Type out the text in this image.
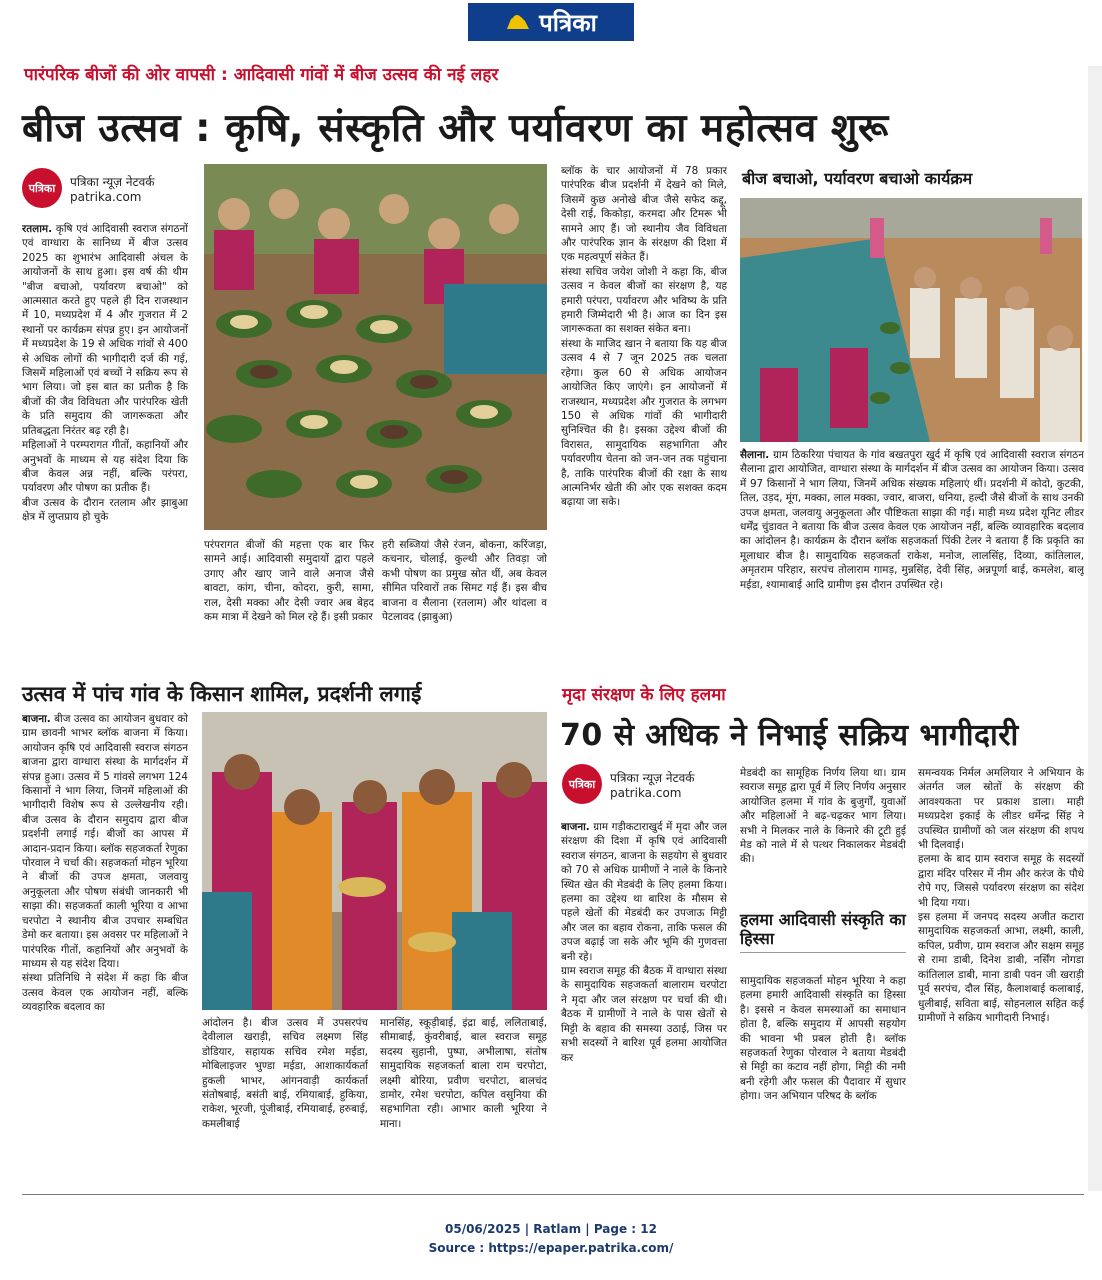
पत्रिका
पारंपरिक बीजों की ओर वापसी : आदिवासी गांवों में बीज उत्सव की नई लहर
बीज उत्सव : कृषि, संस्कृति और पर्यावरण का महोत्सव शुरू
पत्रिका	पत्रिका न्यूज़ नेटवर्क
patrika.com
रतलाम. कृषि एवं आदिवासी स्वराज संगठनों एवं वाग्धारा के सानिध्य में बीज उत्सव 2025 का शुभारंभ आदिवासी अंचल के आयोजनों के साथ हुआ। इस वर्ष की थीम "बीज बचाओ, पर्यावरण बचाओ" को आत्मसात करते हुए पहले ही दिन राजस्थान में 10, मध्यप्रदेश में 4 और गुजरात में 2 स्थानों पर कार्यक्रम संपन्न हुए। इन आयोजनों में मध्यप्रदेश के 19 से अधिक गांवों से 400 से अधिक लोगों की भागीदारी दर्ज की गई, जिसमें महिलाओं एवं बच्चों ने सक्रिय रूप से भाग लिया। जो इस बात का प्रतीक है कि बीजों की जैव विविधता और पारंपरिक खेती के प्रति समुदाय की जागरूकता और प्रतिबद्धता निरंतर बढ़ रही है।
महिलाओं ने परम्परागत गीतों, कहानियों और अनुभवों के माध्यम से यह संदेश दिया कि बीज केवल अन्न नहीं, बल्कि परंपरा, पर्यावरण और पोषण का प्रतीक हैं।
बीज उत्सव के दौरान रतलाम और झाबुआ क्षेत्र में लुप्तप्राय हो चुके
परंपरागत बीजों की महत्ता एक बार फिर सामने आई। आदिवासी समुदायों द्वारा पहले उगाए और खाए जाने वाले अनाज जैसे बावटा, कांग, चीना, कोदरा, कुरी, सामा, राल, देसी मक्का और देसी ज्वार अब बेहद कम मात्रा में देखने को मिल रहे हैं। इसी प्रकार
हरी सब्जियां जैसे रंजन, बोकना, करिंजड़ा, कचनार, चोलाई, कुल्थी और तिवड़ा जो कभी पोषण का प्रमुख स्रोत थीं, अब केवल सीमित परिवारों तक सिमट गई हैं। इस बीच बाजना व सैलाना (रतलाम) और थांदला व पेटलावद (झाबुआ)
ब्लॉक के चार आयोजनों में 78 प्रकार पारंपरिक बीज प्रदर्शनी में देखने को मिले, जिसमें कुछ अनोखे बीज जैसे सफेद कद्दू, देसी राई, किकोड़ा, करमदा और टिमरू भी सामने आए हैं। जो स्थानीय जैव विविधता और पारंपरिक ज्ञान के संरक्षण की दिशा में एक महत्वपूर्ण संकेत हैं।
संस्था सचिव जयेश जोशी ने कहा कि, बीज उत्सव न केवल बीजों का संरक्षण है, यह हमारी परंपरा, पर्यावरण और भविष्य के प्रति हमारी जिम्मेदारी भी है। आज का दिन इस जागरूकता का सशक्त संकेत बना।
संस्था के माजिद खान ने बताया कि यह बीज उत्सव 4 से 7 जून 2025 तक चलता रहेगा। कुल 60 से अधिक आयोजन आयोजित किए जाएंगे। इन आयोजनों में राजस्थान, मध्यप्रदेश और गुजरात के लगभग 150 से अधिक गांवों की भागीदारी सुनिश्चित की है। इसका उद्देश्य बीजों की विरासत, सामुदायिक सहभागिता और पर्यावरणीय चेतना को जन-जन तक पहुंचाना है, ताकि पारंपरिक बीजों की रक्षा के साथ आत्मनिर्भर खेती की ओर एक सशक्त कदम बढ़ाया जा सके।
बीज बचाओ, पर्यावरण बचाओ कार्यक्रम
सैलाना. ग्राम ठिकरिया पंचायत के गांव बखतपुरा खुर्द में कृषि एवं आदिवासी स्वराज संगठन सैलाना द्वारा आयोजित, वाग्धारा संस्था के मार्गदर्शन में बीज उत्सव का आयोजन किया। उत्सव में 97 किसानों ने भाग लिया, जिनमें अधिक संख्यक महिलाएं थीं। प्रदर्शनी में कोदो, कुटकी, तिल, उड़द, मूंग, मक्का, लाल मक्का, ज्वार, बाजरा, धनिया, हल्दी जैसे बीजों के साथ उनकी उपज क्षमता, जलवायु अनुकूलता और पौष्टिकता साझा की गई। माही मध्य प्रदेश यूनिट लीडर धर्मेंद्र चुंडावत ने बताया कि बीज उत्सव केवल एक आयोजन नहीं, बल्कि व्यावहारिक बदलाव का आंदोलन है। कार्यक्रम के दौरान ब्लॉक सहजकर्ता पिंकी टेलर ने बताया हैं कि प्रकृति का मूलाधार बीज है। सामुदायिक सहजकर्ता राकेश, मनोज, लालसिंह, दिव्या, कांतिलाल, अमृतराम परिहार, सरपंच तोलाराम गामड़, मुन्नसिंह, देवी सिंह, अन्नपूर्णा बाई, कमलेश, बालू मईडा, श्यामाबाई आदि ग्रामीण इस दौरान उपस्थित रहे।
उत्सव में पांच गांव के किसान शामिल, प्रदर्शनी लगाई
बाजना. बीज उत्सव का आयोजन बुधवार को ग्राम छावनी भाभर ब्लॉक बाजना में किया। आयोजन कृषि एवं आदिवासी स्वराज संगठन बाजना द्वारा वाग्धारा संस्था के मार्गदर्शन में संपन्न हुआ। उत्सव में 5 गांवसे लगभग 124 किसानों ने भाग लिया, जिनमें महिलाओं की भागीदारी विशेष रूप से उल्लेखनीय रही। बीज उत्सव के दौरान समुदाय द्वारा बीज प्रदर्शनी लगाई गई। बीजों का आपस में आदान-प्रदान किया। ब्लॉक सहजकर्ता रेणुका पोरवाल ने चर्चा की। सहजकर्ता मोहन भूरिया ने बीजों की उपज क्षमता, जलवायु अनुकूलता और पोषण संबंधी जानकारी भी साझा की। सहजकर्ता काली भूरिया व आभा चरपोटा ने स्थानीय बीज उपचार सम्बधित डेमो कर बताया। इस अवसर पर महिलाओं ने पारंपरिक गीतों, कहानियों और अनुभवों के माध्यम से यह संदेश दिया।
संस्था प्रतिनिधि ने संदेश में कहा कि बीज उत्सव केवल एक आयोजन नहीं, बल्कि व्यवहारिक बदलाव का
आंदोलन है। बीज उत्सव में उपसरपंच देवीलाल खराड़ी, सचिव लक्ष्मण सिंह डोडियार, सहायक सचिव रमेश मईडा, मोबिलाइजर भुण्डा मईडा, आशाकार्यकर्ता हुकली भाभर, आंगनवाड़ी कार्यकर्ता संतोषबाई, बसंती बाई, रमियाबाई, हुकिया, राकेश, भूरजी, पूंजीबाई, रमियाबाई, हरुबाई, कमलीबाई
मानसिंह, स्कूड़ीबाई, इंद्रा बाई, ललिताबाई, सीमाबाई, कुंवरीबाई, बाल स्वराज समूह सदस्य सुहानी, पुष्पा, अभीलाषा, संतोष सामुदायिक सहजकर्ता बाला राम चरपोटा, लक्ष्मी बोरिया, प्रवीण चरपोटा, बालचंद डामोर, रमेश चरपोटा, कपिल वसुनिया की सहभागिता रही। आभार काली भूरिया ने माना।
मृदा संरक्षण के लिए हलमा
70 से अधिक ने निभाई सक्रिय भागीदारी
पत्रिका	पत्रिका न्यूज़ नेटवर्क
patrika.com
बाजना. ग्राम गड़ीकटाराखुर्द में मृदा और जल संरक्षण की दिशा में कृषि एवं आदिवासी स्वराज संगठन, बाजना के सहयोग से बुधवार को 70 से अधिक ग्रामीणों ने नाले के किनारे स्थित खेत की मेडबंदी के लिए हलमा किया। हलमा का उद्देश्य था बारिश के मौसम से पहले खेतों की मेडबंदी कर उपजाऊ मिट्टी और जल का बहाव रोकना, ताकि फसल की उपज बढ़ाई जा सके और भूमि की गुणवत्ता बनी रहे।
ग्राम स्वराज समूह की बैठक में वाग्धारा संस्था के सामुदायिक सहजकर्ता बालाराम चरपोटा ने मृदा और जल संरक्षण पर चर्चा की थी। बैठक में ग्रामीणों ने नाले के पास खेतों से मिट्टी के बहाव की समस्या उठाई, जिस पर सभी सदस्यों ने बारिश पूर्व हलमा आयोजित कर
मेडबंदी का सामूहिक निर्णय लिया था। ग्राम स्वराज समूह द्वारा पूर्व में लिए निर्णय अनुसार आयोजित हलमा में गांव के बुजुर्गों, युवाओं और महिलाओं ने बढ़-चढ़कर भाग लिया। सभी ने मिलकर नाले के किनारे की टूटी हुई मेड को नाले में से पत्थर निकालकर मेडबंदी की।
हलमा आदिवासी संस्कृति का हिस्सा
सामुदायिक सहजकर्ता मोहन भूरिया ने कहा हलमा हमारी आदिवासी संस्कृति का हिस्सा है। इससे न केवल समस्याओं का समाधान होता है, बल्कि समुदाय में आपसी सहयोग की भावना भी प्रबल होती है। ब्लॉक सहजकर्ता रेणुका पोरवाल ने बताया मेडबंदी से मिट्टी का कटाव नहीं होगा, मिट्टी की नमी बनी रहेगी और फसल की पैदावार में सुधार होगा। जन अभियान परिषद के ब्लॉक
समन्वयक निर्मल अमलियार ने अभियान के अंतर्गत जल स्रोतों के संरक्षण की आवश्यकता पर प्रकाश डाला। माही मध्यप्रदेश इकाई के लीडर धर्मेन्द्र सिंह ने उपस्थित ग्रामीणों को जल संरक्षण की शपथ भी दिलवाई।
हलमा के बाद ग्राम स्वराज समूह के सदस्यों द्वारा मंदिर परिसर में नीम और करंज के पौधे रोपे गए, जिससे पर्यावरण संरक्षण का संदेश भी दिया गया।
इस हलमा में जनपद सदस्य अजीत कटारा सामुदायिक सहजकर्ता आभा, लक्ष्मी, काली, कपिल, प्रवीण, ग्राम स्वराज और सक्षम समूह से रामा डाबी, दिनेश डाबी, नर्सिंग नोगडा कांतिलाल डाबी, माना डाबी पवन जी खराड़ी पूर्व सरपंच, दौल सिंह, कैलाशबाई कलाबाई, धुलीबाई, सविता बाई, सोहनलाल सहित कई ग्रामीणों ने सक्रिय भागीदारी निभाई।
05/06/2025 | Ratlam | Page : 12
Source : https://epaper.patrika.com/
